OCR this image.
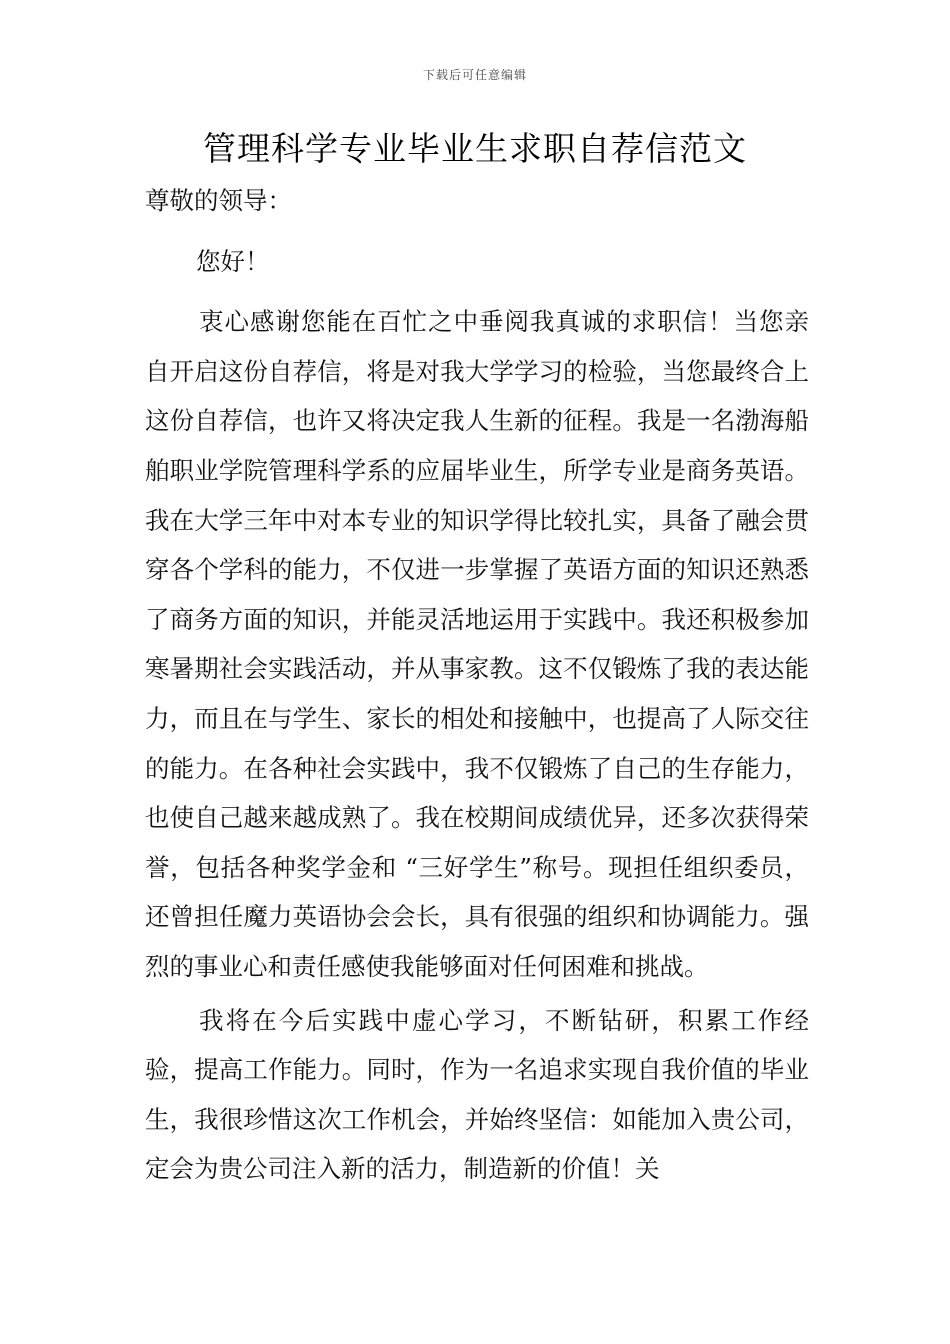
下载后可任意编辑
管理科学专业毕业生求职自荐信范文

尊敬的领导：

您好！

衷心感谢您能在百忙之中垂阅我真诚的求职信！当您亲自开启这份自荐信，将是对我大学学习的检验，当您最终合上这份自荐信，也许又将决定我人生新的征程。我是一名渤海船舶职业学院管理科学系的应届毕业生，所学专业是商务英语。我在大学三年中对本专业的知识学得比较扎实，具备了融会贯穿各个学科的能力，不仅进一步掌握了英语方面的知识还熟悉了商务方面的知识，并能灵活地运用于实践中。我还积极参加寒暑期社会实践活动，并从事家教。这不仅锻炼了我的表达能力，而且在与学生、家长的相处和接触中，也提高了人际交往的能力。在各种社会实践中，我不仅锻炼了自己的生存能力，也使自己越来越成熟了。我在校期间成绩优异，还多次获得荣誉，包括各种奖学金和 “三好学生”称号。现担任组织委员，还曾担任魔力英语协会会长，具有很强的组织和协调能力。强烈的事业心和责任感使我能够面对任何困难和挑战。

我将在今后实践中虚心学习，不断钻研，积累工作经验，提高工作能力。同时，作为一名追求实现自我价值的毕业生，我很珍惜这次工作机会，并始终坚信：如能加入贵公司，定会为贵公司注入新的活力，制造新的价值！关
